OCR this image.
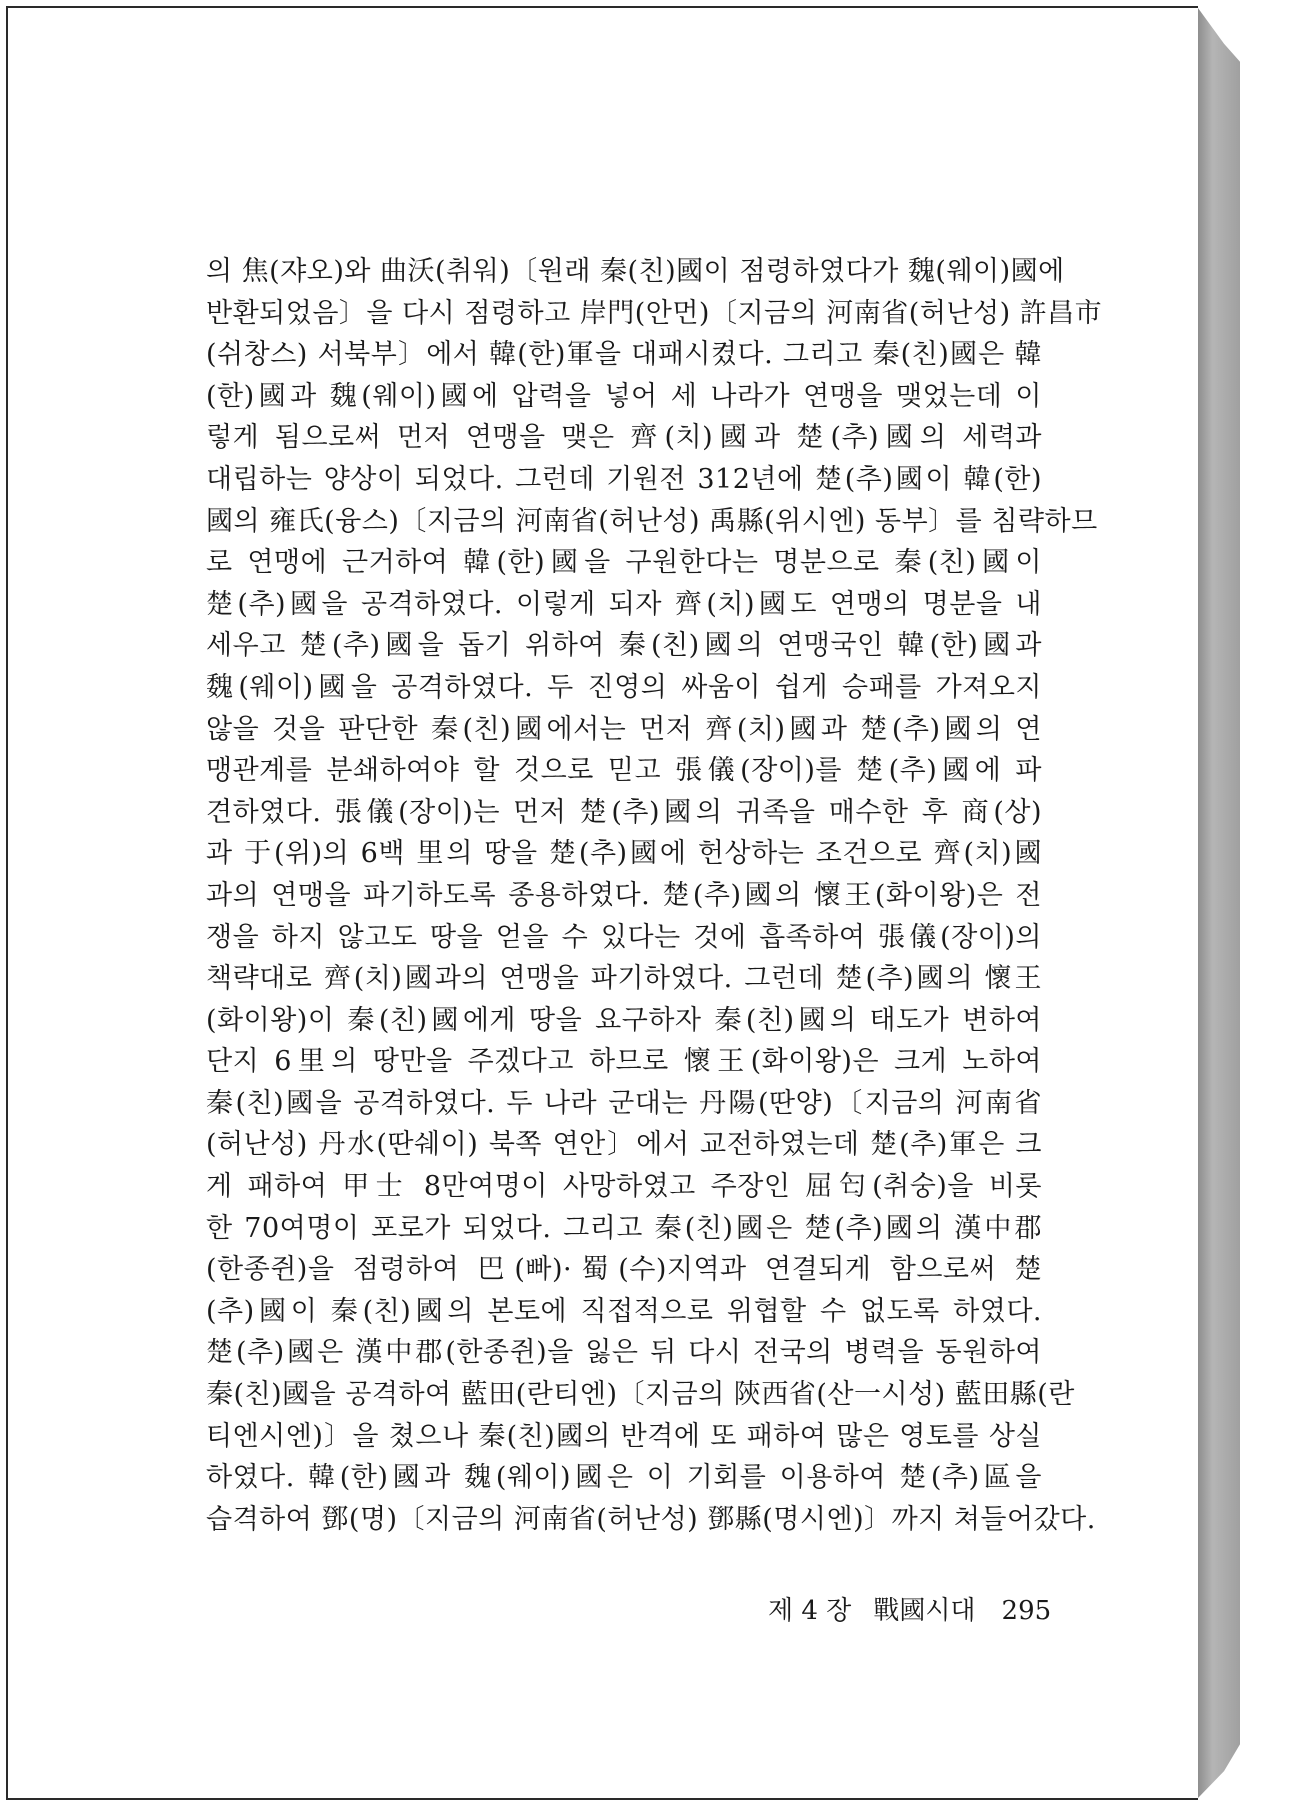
의 焦(쟈오)와 曲沃(취워)〔원래 秦(친)國이 점령하였다가 魏(웨이)國에
반환되었음〕을 다시 점령하고 岸門(안먼)〔지금의 河南省(허난성) 許昌市
(쉬창스) 서북부〕에서 韓(한)軍을 대패시켰다. 그리고 秦(친)國은 韓
(한)國과 魏(웨이)國에 압력을 넣어 세 나라가 연맹을 맺었는데 이
렇게 됨으로써 먼저 연맹을 맺은 齊(치)國과 楚(추)國의 세력과
대립하는 양상이 되었다. 그런데 기원전 312년에 楚(추)國이 韓(한)
國의 雍氏(융스)〔지금의 河南省(허난성) 禹縣(위시엔) 동부〕를 침략하므
로 연맹에 근거하여 韓(한)國을 구원한다는 명분으로 秦(친)國이
楚(추)國을 공격하였다. 이렇게 되자 齊(치)國도 연맹의 명분을 내
세우고 楚(추)國을 돕기 위하여 秦(친)國의 연맹국인 韓(한)國과
魏(웨이)國을 공격하였다. 두 진영의 싸움이 쉽게 승패를 가져오지
않을 것을 판단한 秦(친)國에서는 먼저 齊(치)國과 楚(추)國의 연
맹관계를 분쇄하여야 할 것으로 믿고 張儀(장이)를 楚(추)國에 파
견하였다. 張儀(장이)는 먼저 楚(추)國의 귀족을 매수한 후 商(상)
과 于(위)의 6백 里의 땅을 楚(추)國에 헌상하는 조건으로 齊(치)國
과의 연맹을 파기하도록 종용하였다. 楚(추)國의 懷王(화이왕)은 전
쟁을 하지 않고도 땅을 얻을 수 있다는 것에 흡족하여 張儀(장이)의
책략대로 齊(치)國과의 연맹을 파기하였다. 그런데 楚(추)國의 懷王
(화이왕)이 秦(친)國에게 땅을 요구하자 秦(친)國의 태도가 변하여
단지 6里의 땅만을 주겠다고 하므로 懷王(화이왕)은 크게 노하여
秦(친)國을 공격하였다. 두 나라 군대는 丹陽(딴양)〔지금의 河南省
(허난성) 丹水(딴쉐이) 북쪽 연안〕에서 교전하였는데 楚(추)軍은 크
게 패하여 甲士 8만여명이 사망하였고 주장인 屈匄(취숭)을 비롯
한 70여명이 포로가 되었다. 그리고 秦(친)國은 楚(추)國의 漢中郡
(한종쥔)을 점령하여 巴(빠)·蜀(수)지역과 연결되게 함으로써 楚
(추)國이 秦(친)國의 본토에 직접적으로 위협할 수 없도록 하였다.
楚(추)國은 漢中郡(한종쥔)을 잃은 뒤 다시 전국의 병력을 동원하여
秦(친)國을 공격하여 藍田(란티엔)〔지금의 陝西省(산一시성) 藍田縣(란
티엔시엔)〕을 쳤으나 秦(친)國의 반격에 또 패하여 많은 영토를 상실
하였다. 韓(한)國과 魏(웨이)國은 이 기회를 이용하여 楚(추)區을
습격하여 鄧(명)〔지금의 河南省(허난성) 鄧縣(명시엔)〕까지 쳐들어갔다.
제 4 장 戰國시대 295
